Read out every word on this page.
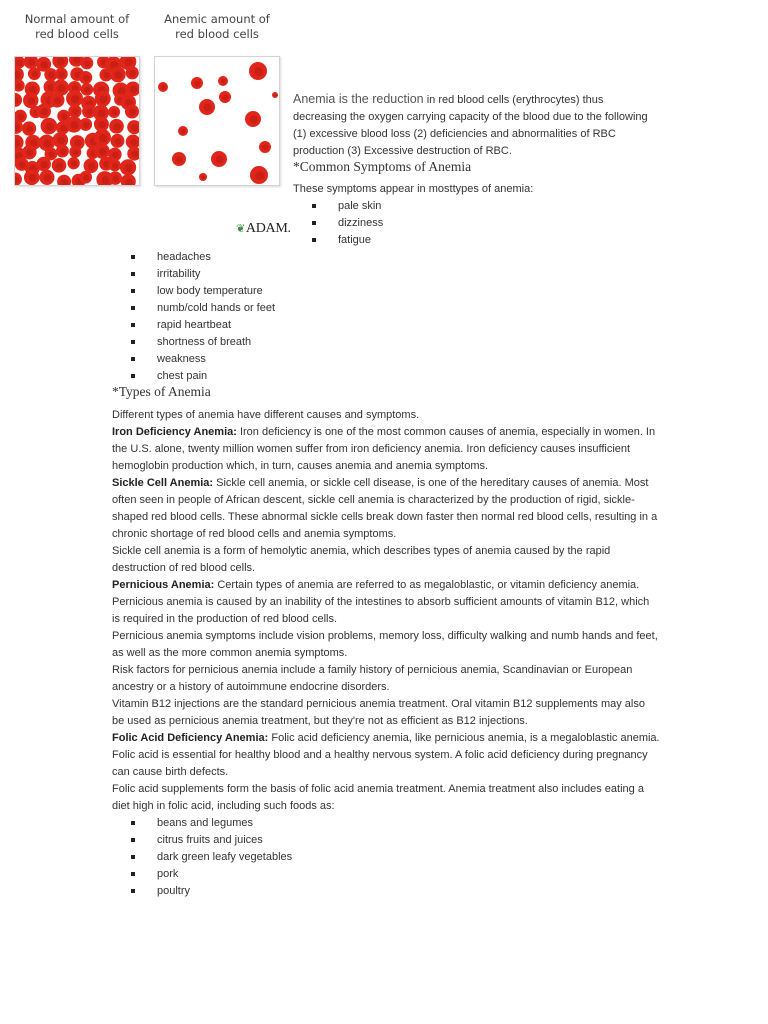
Normal amount of
red blood cells
Anemic amount of
red blood cells
❦ADAM.
Anemia is the reduction in red blood cells (erythrocytes) thus decreasing the oxygen carrying capacity of the blood due to the following (1) excessive blood loss (2) deficiencies and abnormalities of RBC production (3) Excessive destruction of RBC.
*Common Symptoms of Anemia
These symptoms appear in mosttypes of anemia:
pale skin
dizziness
fatigue
headaches
irritability
low body temperature
numb/cold hands or feet
rapid heartbeat
shortness of breath
weakness
chest pain
*Types of Anemia

Different types of anemia have different causes and symptoms.

Iron Deficiency Anemia: Iron deficiency is one of the most common causes of anemia, especially in women. In the U.S. alone, twenty million women suffer from iron deficiency anemia. Iron deficiency causes insufficient hemoglobin production which, in turn, causes anemia and anemia symptoms.

Sickle Cell Anemia: Sickle cell anemia, or sickle cell disease, is one of the hereditary causes of anemia. Most often seen in people of African descent, sickle cell anemia is characterized by the production of rigid, sickle-shaped red blood cells. These abnormal sickle cells break down faster then normal red blood cells, resulting in a chronic shortage of red blood cells and anemia symptoms.

Sickle cell anemia is a form of hemolytic anemia, which describes types of anemia caused by the rapid destruction of red blood cells.

Pernicious Anemia: Certain types of anemia are referred to as megaloblastic, or vitamin deficiency anemia. Pernicious anemia is caused by an inability of the intestines to absorb sufficient amounts of vitamin B12, which is required in the production of red blood cells.

Pernicious anemia symptoms include vision problems, memory loss, difficulty walking and numb hands and feet, as well as the more common anemia symptoms.

Risk factors for pernicious anemia include a family history of pernicious anemia, Scandinavian or European ancestry or a history of autoimmune endocrine disorders.

Vitamin B12 injections are the standard pernicious anemia treatment. Oral vitamin B12 supplements may also be used as pernicious anemia treatment, but they're not as efficient as B12 injections.

Folic Acid Deficiency Anemia: Folic acid deficiency anemia, like pernicious anemia, is a megaloblastic anemia. Folic acid is essential for healthy blood and a healthy nervous system. A folic acid deficiency during pregnancy can cause birth defects.

Folic acid supplements form the basis of folic acid anemia treatment. Anemia treatment also includes eating a diet high in folic acid, including such foods as:

beans and legumes
citrus fruits and juices
dark green leafy vegetables
pork
poultry
